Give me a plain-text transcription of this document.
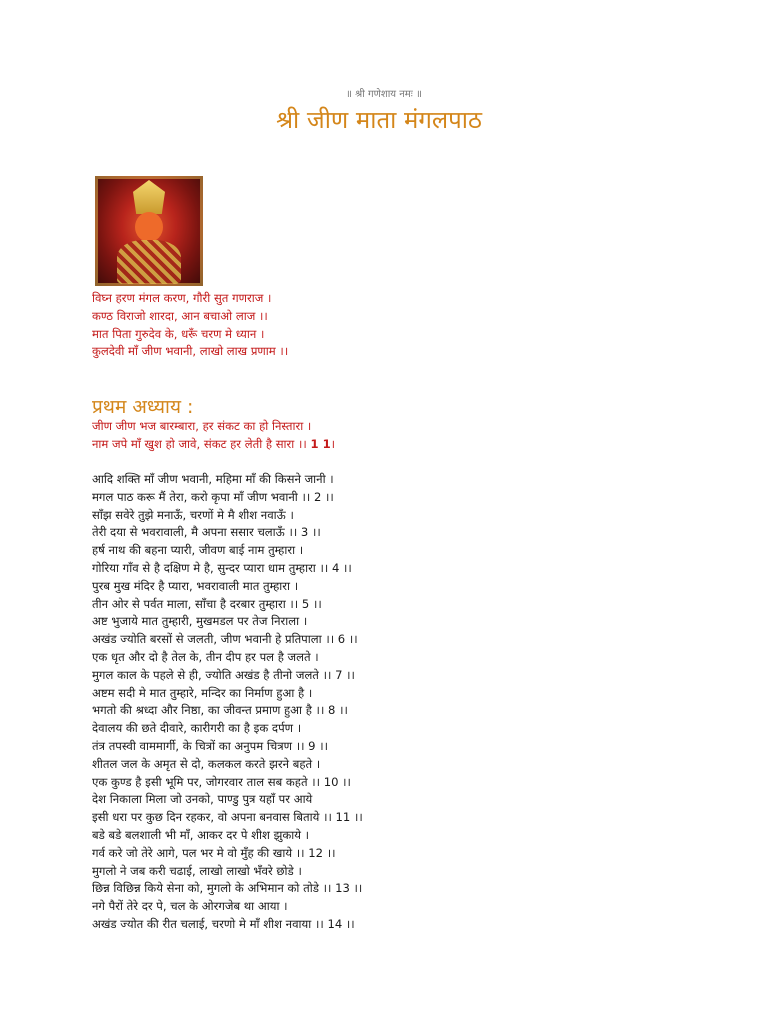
॥ श्री गणेशाय नमः ॥
श्री जीण माता मंगलपाठ
विघ्न हरण मंगल करण, गौरी सुत गणराज ।
कण्ठ विराजो शारदा, आन बचाओ लाज ।।
मात पिता गुरुदेव के, धरूँ चरण मे ध्यान ।
कुलदेवी माँ जीण भवानी, लाखो लाख प्रणाम ।।
प्रथम अध्याय :
जीण जीण भज बारम्बारा, हर संकट का हो निस्तारा ।
नाम जपे माँ खुश हो जावे, संकट हर लेती है सारा ।। 1 1।
आदि शक्ति माँ जीण भवानी, महिमा माँ की किसने जानी ।
मगल पाठ करू मैं तेरा, करो कृपा माँ जीण भवानी ।। 2 ।।
साँझ सवेरे तुझे मनाऊँ, चरणों मे मै शीश नवाऊँ ।
तेरी दया से भवरावाली, मै अपना ससार चलाऊँ ।। 3 ।।
हर्ष नाथ की बहना प्यारी, जीवण बाई नाम तुम्हारा ।
गोरिया गाँव से है दक्षिण मे है, सुन्दर प्यारा धाम तुम्हारा ।। 4 ।।
पुरब मुख मंदिर है प्यारा, भवरावाली मात तुम्हारा ।
तीन ओर से पर्वत माला, साँचा है दरबार तुम्हारा ।। 5 ।।
अष्ट भुजाये मात तुम्हारी, मुखमडल पर तेज निराला ।
अखंड ज्योति बरसों से जलती, जीण भवानी हे प्रतिपाला ।। 6 ।।
एक धृत और दो है तेल के, तीन दीप हर पल है जलते ।
मुगल काल के पहले से ही, ज्योति अखंड है तीनो जलते ।। 7 ।।
अष्टम सदी मे मात तुम्हारे, मन्दिर का निर्माण हुआ है ।
भगतो की श्रध्दा और निष्ठा, का जीवन्त प्रमाण हुआ है ।। 8 ।।
देवालय की छते दीवारे, कारीगरी का है इक दर्पण ।
तंत्र तपस्वी वाममार्गी, के चित्रों का अनुपम चित्रण ।। 9 ।।
शीतल जल के अमृत से दो, कलकल करते झरने बहते ।
एक कुण्ड है इसी भूमि पर, जोगरवार ताल सब कहते ।। 10 ।।
देश निकाला मिला जो उनको, पाण्डु पुत्र यहाँ पर आये
इसी धरा पर कुछ दिन रहकर, वो अपना बनवास बिताये ।। 11 ।।
बडे बडे बलशाली भी माँ, आकर दर पे शीश झुकाये ।
गर्व करे जो तेरे आगे, पल भर मे वो मुँह की खाये ।। 12 ।।
मुगलो ने जब करी चढाई, लाखो लाखो भँवरे छोडे ।
छिन्न विछिन्न किये सेना को, मुगलो के अभिमान को तोडे ।। 13 ।।
नगे पैरों तेरे दर पे, चल के ओरगजेब था आया ।
अखंड ज्योत की रीत चलाई, चरणो मे माँ शीश नवाया ।। 14 ।।
